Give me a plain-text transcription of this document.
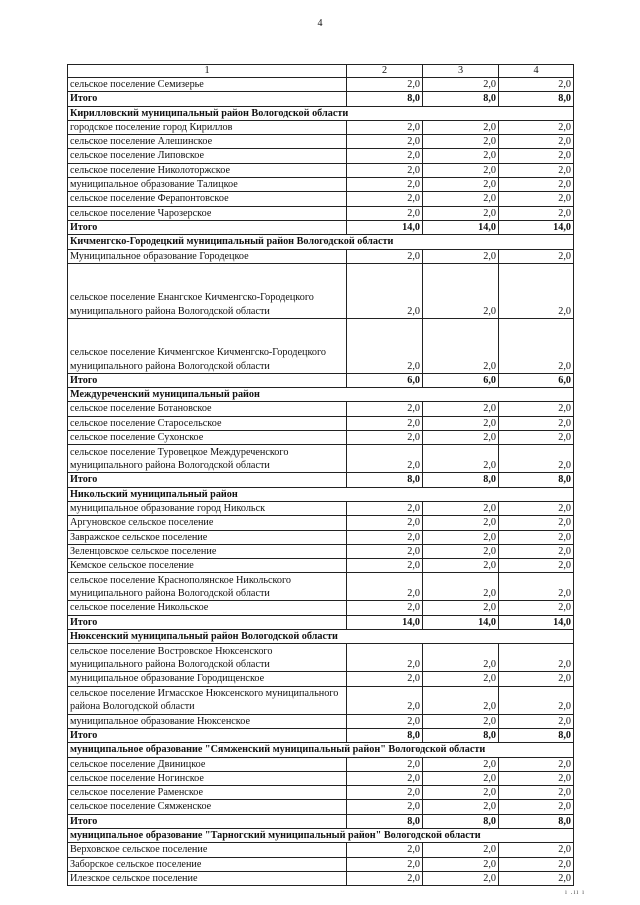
4
1	2	3	4
сельское поселение Семизерье	2,0	2,0	2,0
Итого	8,0	8,0	8,0
Кирилловский муниципальный район Вологодской области			
городское поселение город Кириллов	2,0	2,0	2,0
сельское поселение Алешинское	2,0	2,0	2,0
сельское поселение Липовское	2,0	2,0	2,0
сельское поселение Николоторжское	2,0	2,0	2,0
муниципальное образование Талицкое	2,0	2,0	2,0
сельское поселение Ферапонтовское	2,0	2,0	2,0
сельское поселение Чарозерское	2,0	2,0	2,0
Итого	14,0	14,0	14,0
Кичменгско-Городецкий муниципальный район Вологодской области			
Муниципальное образование Городецкое	2,0	2,0	2,0
сельское поселение Енангское Кичменгско-Городецкого муниципального района Вологодской области	2,0	2,0	2,0
сельское поселение Кичменгское Кичменгско-Городецкого муниципального района Вологодской области	2,0	2,0	2,0
Итого	6,0	6,0	6,0
Междуреченский муниципальный район			
сельское поселение Ботановское	2,0	2,0	2,0
сельское поселение Старосельское	2,0	2,0	2,0
сельское поселение Сухонское	2,0	2,0	2,0
сельское поселение Туровецкое Междуреченского муниципального района Вологодской области	2,0	2,0	2,0
Итого	8,0	8,0	8,0
Никольский муниципальный район			
муниципальное образование город Никольск	2,0	2,0	2,0
Аргуновское сельское поселение	2,0	2,0	2,0
Завражское сельское поселение	2,0	2,0	2,0
Зеленцовское сельское поселение	2,0	2,0	2,0
Кемское сельское поселение	2,0	2,0	2,0
сельское поселение Краснополянское Никольского муниципального района Вологодской области	2,0	2,0	2,0
сельское поселение Никольское	2,0	2,0	2,0
Итого	14,0	14,0	14,0
Нюксенский муниципальный район Вологодской области			
сельское поселение Востровское Нюксенского муниципального района Вологодской области	2,0	2,0	2,0
муниципальное образование Городищенское	2,0	2,0	2,0
сельское поселение Игмасское Нюксенского муниципального района Вологодской области	2,0	2,0	2,0
муниципальное образование Нюксенское	2,0	2,0	2,0
Итого	8,0	8,0	8,0
муниципальное образование "Сямженский муниципальный район" Вологодской области			
сельское поселение Двиницкое	2,0	2,0	2,0
сельское поселение Ногинское	2,0	2,0	2,0
сельское поселение Раменское	2,0	2,0	2,0
сельское поселение Сямженское	2,0	2,0	2,0
Итого	8,0	8,0	8,0
муниципальное образование "Тарногский муниципальный район" Вологодской области			
Верховское сельское поселение	2,0	2,0	2,0
Заборское сельское поселение	2,0	2,0	2,0
Илезское сельское поселение	2,0	2,0	2,0
ı .ıı ı
